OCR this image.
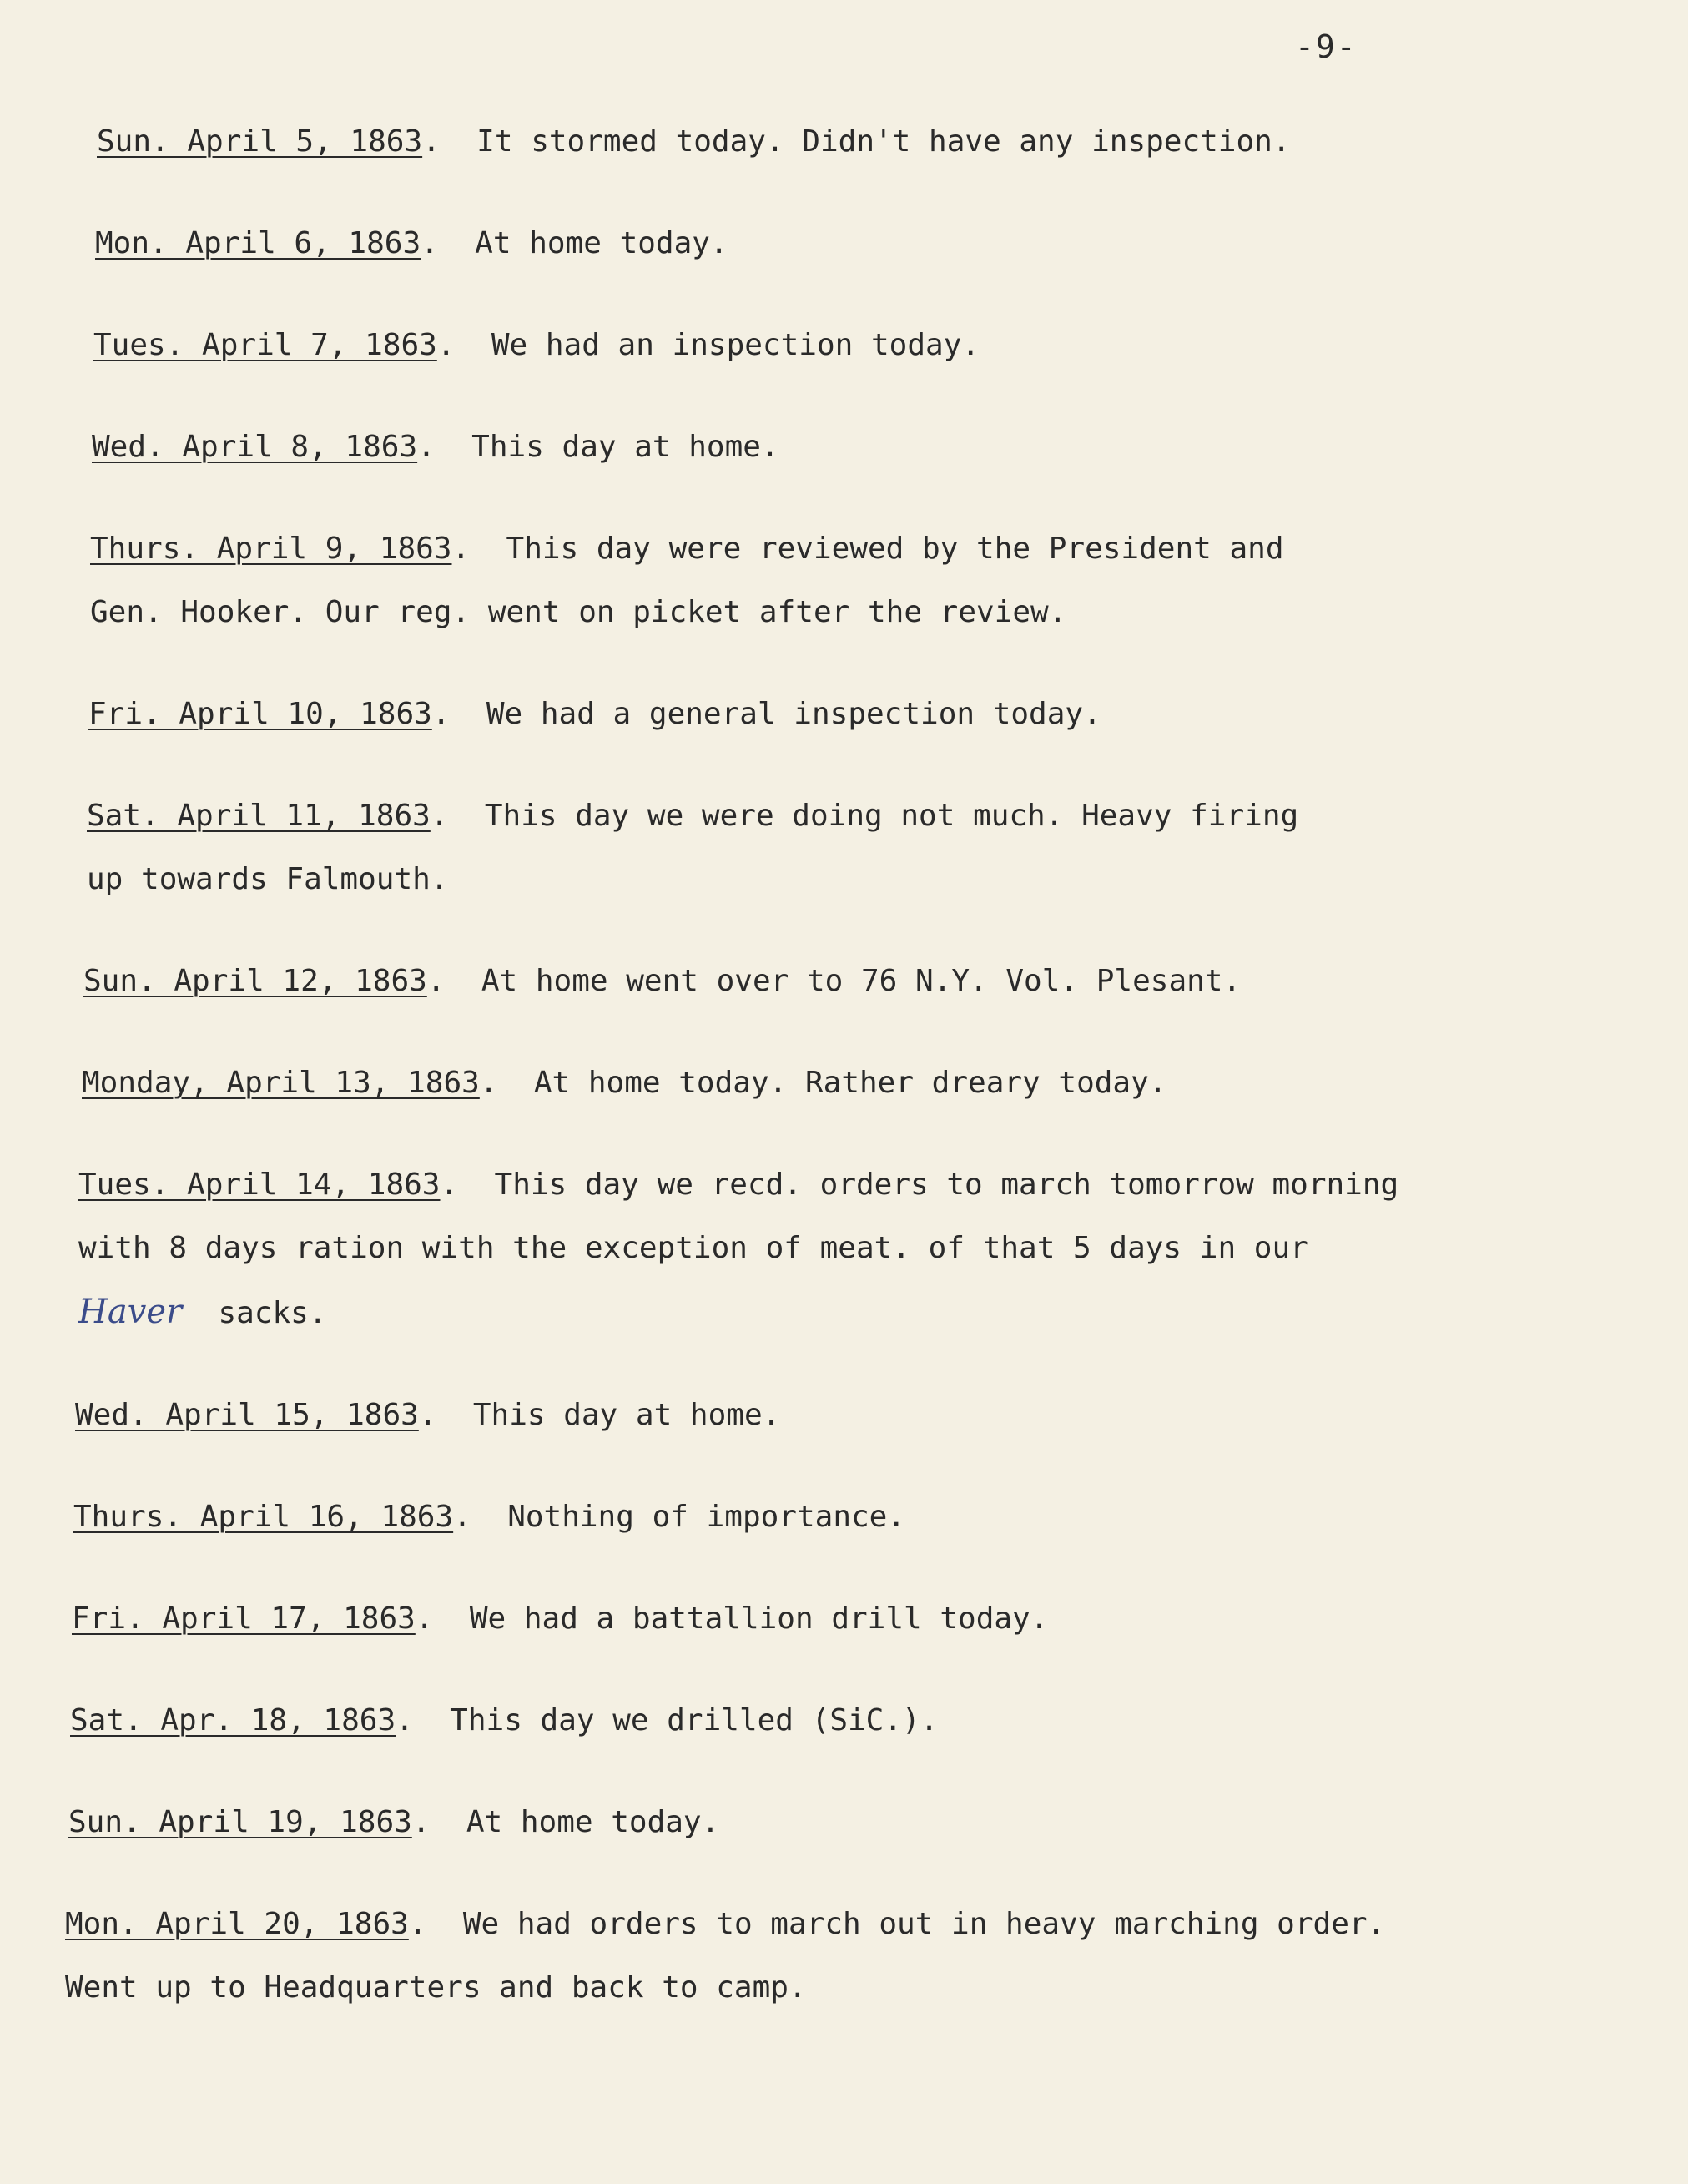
-9-
Sun. April 5, 1863.  It stormed today. Didn't have any inspection.
Mon. April 6, 1863.  At home today.
Tues. April 7, 1863.  We had an inspection today.
Wed. April 8, 1863.  This day at home.
Thurs. April 9, 1863.  This day were reviewed by the President and
Gen. Hooker. Our reg. went on picket after the review.
Fri. April 10, 1863.  We had a general inspection today.
Sat. April 11, 1863.  This day we were doing not much. Heavy firing
up towards Falmouth.
Sun. April 12, 1863.  At home went over to 76 N.Y. Vol. Plesant.
Monday, April 13, 1863.  At home today. Rather dreary today.
Tues. April 14, 1863.  This day we recd. orders to march tomorrow morning
with 8 days ration with the exception of meat. of that 5 days in our
Haver sacks.
Wed. April 15, 1863.  This day at home.
Thurs. April 16, 1863.  Nothing of importance.
Fri. April 17, 1863.  We had a battallion drill today.
Sat. Apr. 18, 1863.  This day we drilled (SiC.).
Sun. April 19, 1863.  At home today.
Mon. April 20, 1863.  We had orders to march out in heavy marching order.
Went up to Headquarters and back to camp.
